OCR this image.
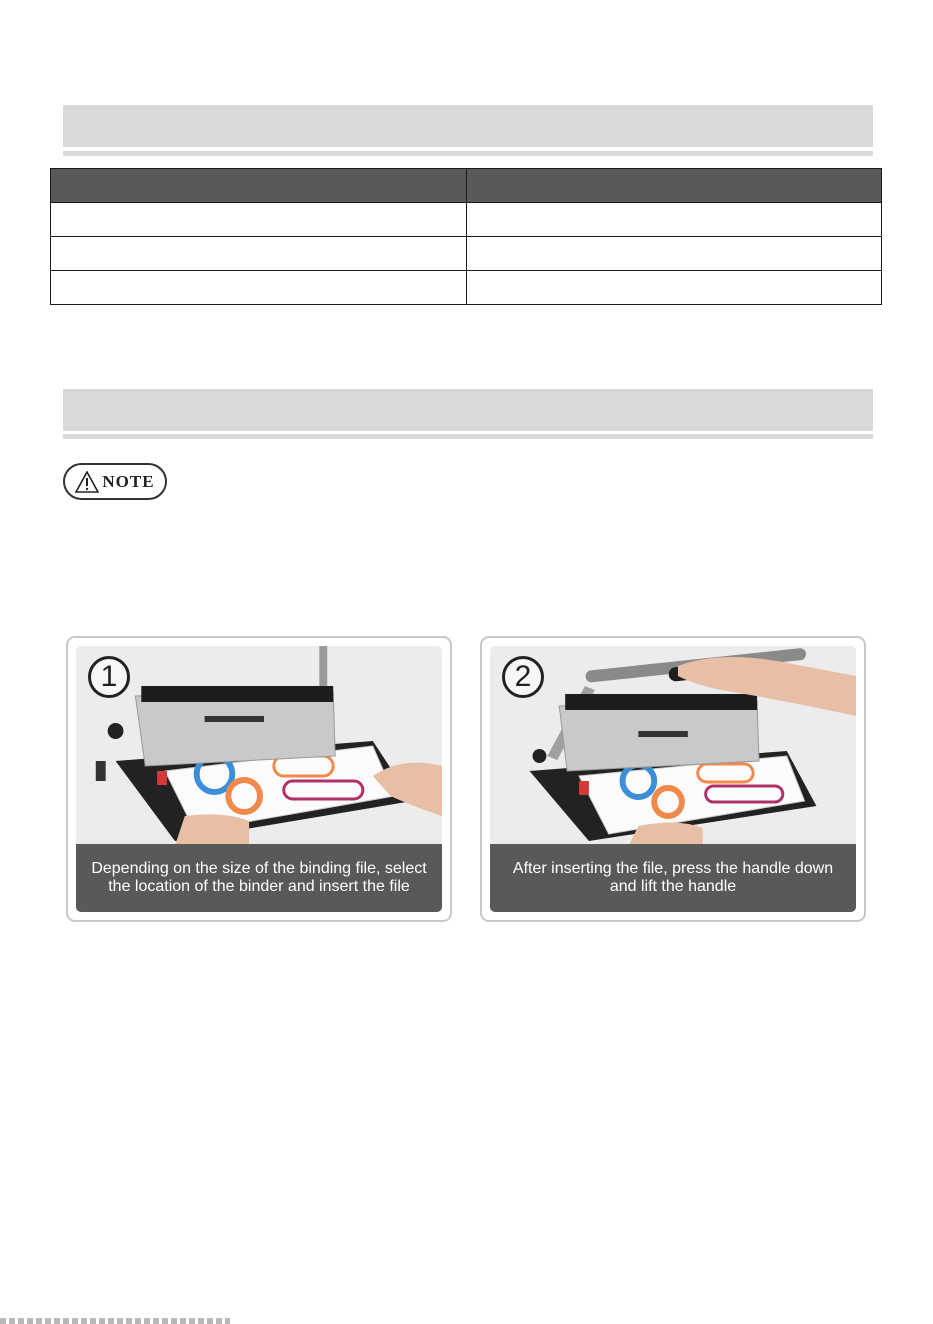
NOTE
1
Depending on the size of the binding file, select the location of the binder and insert the file
2
After inserting the file, press the handle down and lift the handle
